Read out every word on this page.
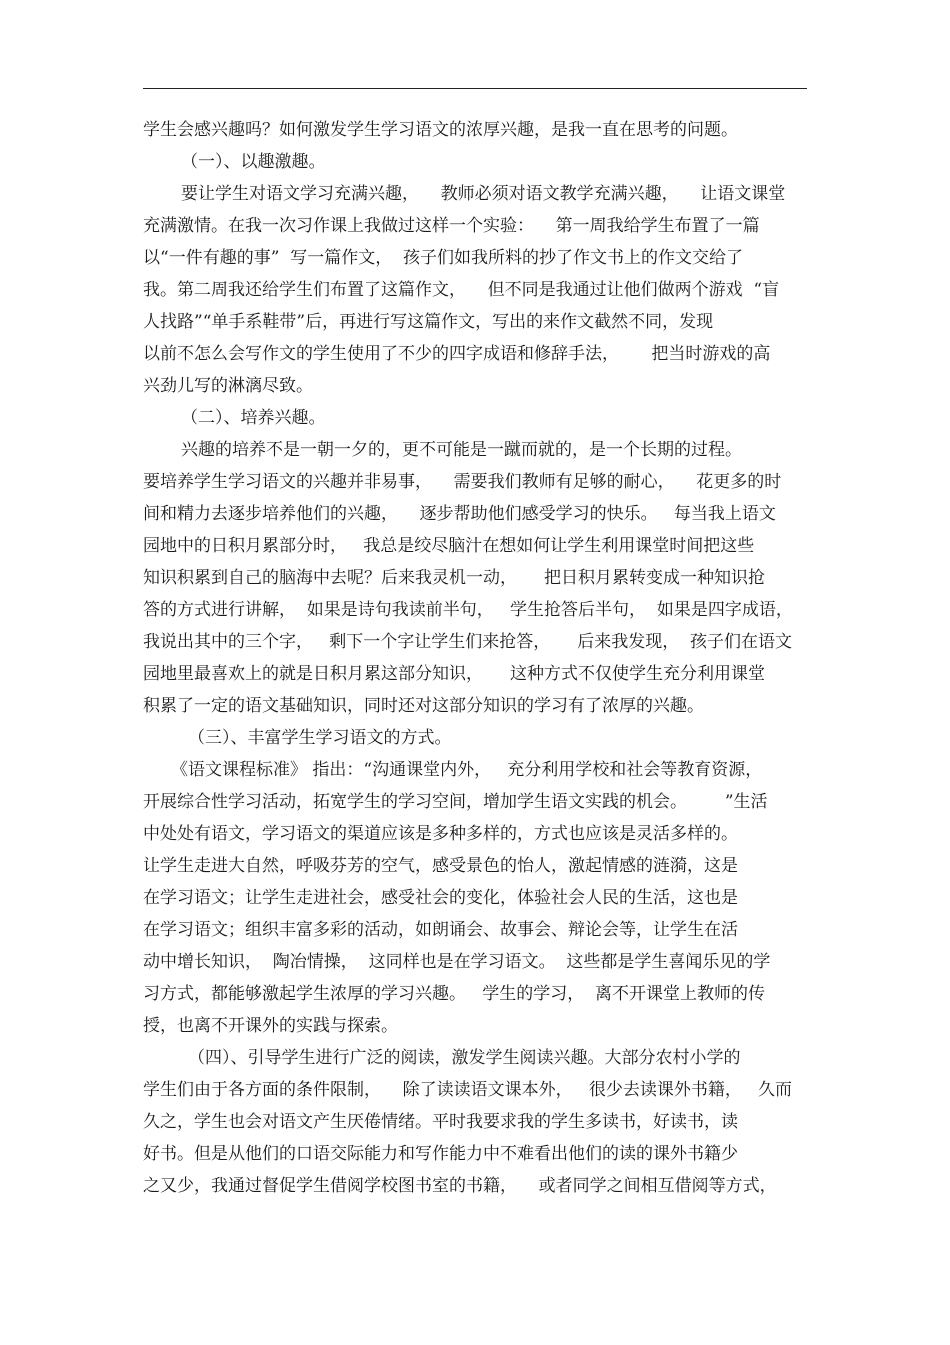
学生会感兴趣吗？如何激发学生学习语文的浓厚兴趣，是我一直在思考的问题。
（一）、以趣激趣。
要让学生对语文学习充满兴趣，    教师必须对语文教学充满兴趣，    让语文课堂
充满激情。在我一次习作课上我做过这样一个实验：    第一周我给学生布置了一篇
以“一件有趣的事”  写一篇作文，  孩子们如我所料的抄了作文书上的作文交给了
我。第二周我还给学生们布置了这篇作文，    但不同是我通过让他们做两个游戏  “盲
人找路”“单手系鞋带”后，再进行写这篇作文，写出的来作文截然不同，发现
以前不怎么会写作文的学生使用了不少的四字成语和修辞手法，      把当时游戏的高
兴劲儿写的淋漓尽致。
（二）、培养兴趣。
兴趣的培养不是一朝一夕的，更不可能是一蹴而就的，是一个长期的过程。
要培养学生学习语文的兴趣并非易事，    需要我们教师有足够的耐心，    花更多的时
间和精力去逐步培养他们的兴趣，    逐步帮助他们感受学习的快乐。   每当我上语文
园地中的日积月累部分时，   我总是绞尽脑汁在想如何让学生利用课堂时间把这些
知识积累到自己的脑海中去呢？后来我灵机一动，     把日积月累转变成一种知识抢
答的方式进行讲解，  如果是诗句我读前半句，   学生抢答后半句，  如果是四字成语，
我说出其中的三个字，   剩下一个字让学生们来抢答，     后来我发现，  孩子们在语文
园地里最喜欢上的就是日积月累这部分知识，     这种方式不仅使学生充分利用课堂
积累了一定的语文基础知识，同时还对这部分知识的学习有了浓厚的兴趣。
（三）、丰富学生学习语文的方式。
《语文课程标准》 指出：“沟通课堂内外，   充分利用学校和社会等教育资源，
开展综合性学习活动，拓宽学生的学习空间，增加学生语文实践的机会。       ”生活
中处处有语文，学习语文的渠道应该是多种多样的，方式也应该是灵活多样的。
让学生走进大自然，呼吸芬芳的空气，感受景色的怡人，激起情感的涟漪，这是
在学习语文；让学生走进社会，感受社会的变化，体验社会人民的生活，这也是
在学习语文；组织丰富多彩的活动，如朗诵会、故事会、辩论会等，让学生在活
动中增长知识，  陶冶情操，  这同样也是在学习语文。  这些都是学生喜闻乐见的学
习方式，都能够激起学生浓厚的学习兴趣。   学生的学习，  离不开课堂上教师的传
授，也离不开课外的实践与探索。
（四）、引导学生进行广泛的阅读，激发学生阅读兴趣。大部分农村小学的
学生们由于各方面的条件限制，    除了读读语文课本外，   很少去读课外书籍，   久而
久之，学生也会对语文产生厌倦情绪。平时我要求我的学生多读书，好读书，读
好书。但是从他们的口语交际能力和写作能力中不难看出他们的读的课外书籍少
之又少，我通过督促学生借阅学校图书室的书籍，    或者同学之间相互借阅等方式，
